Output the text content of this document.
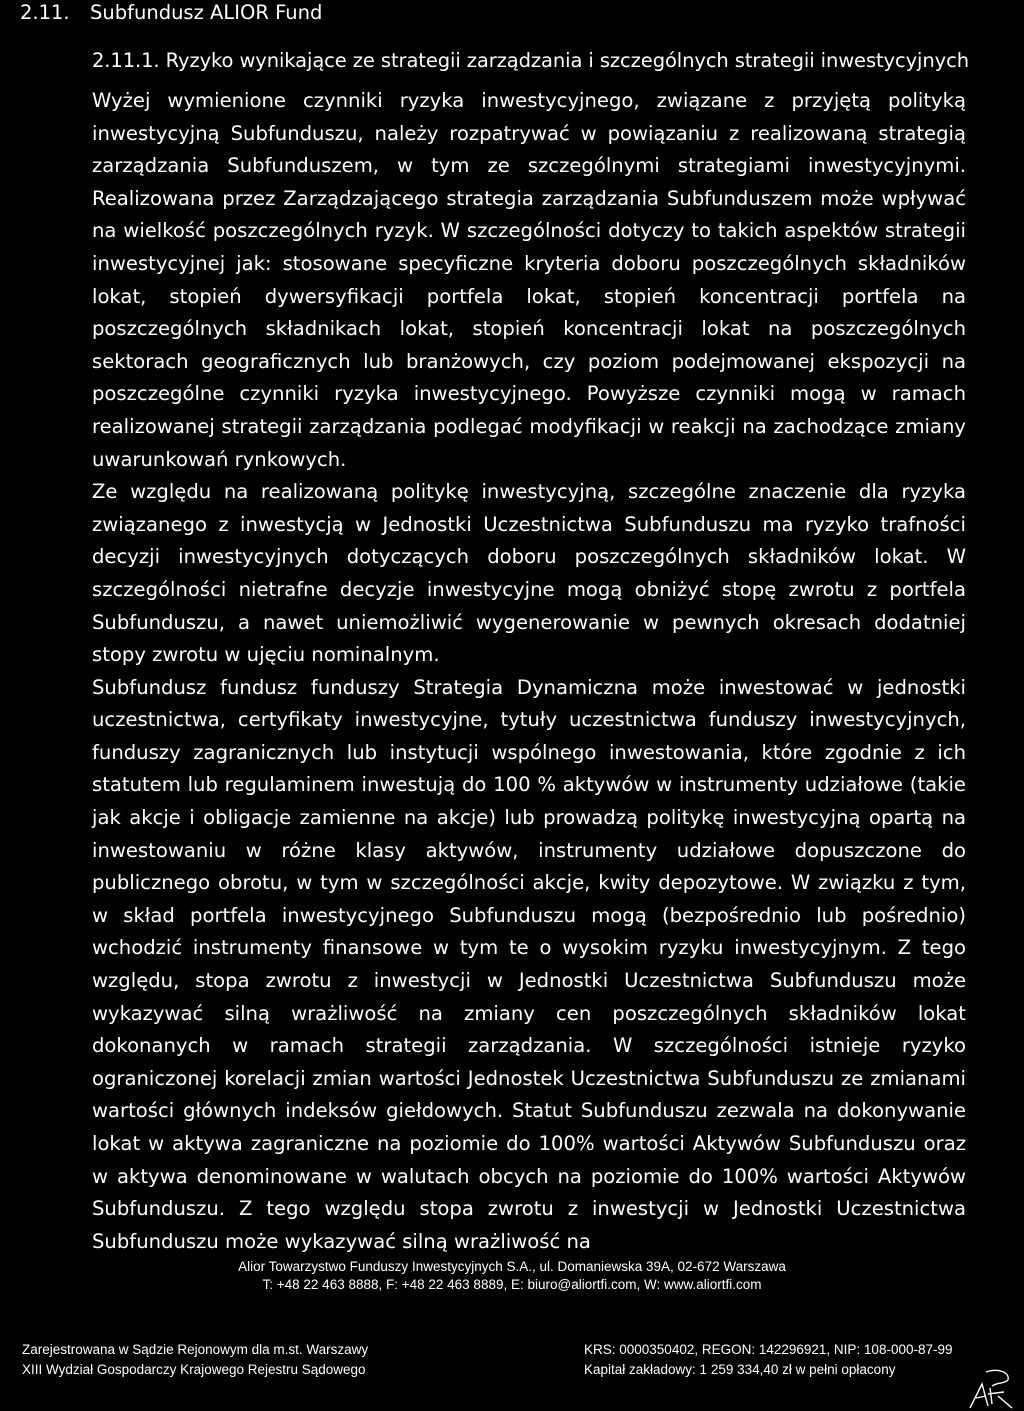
2.11. Subfundusz ALIOR Fund
2.11.1. Ryzyko wynikające ze strategii zarządzania i szczególnych strategii inwestycyjnych

Wyżej wymienione czynniki ryzyka inwestycyjnego, związane z przyjętą polityką inwestycyjną Subfunduszu, należy rozpatrywać w powiązaniu z realizowaną strategią zarządzania Subfunduszem, w tym ze szczególnymi strategiami inwestycyjnymi. Realizowana przez Zarządzającego strategia zarządzania Subfunduszem może wpływać na wielkość poszczególnych ryzyk. W szczególności dotyczy to takich aspektów strategii inwestycyjnej jak: stosowane specyficzne kryteria doboru poszczególnych składników lokat, stopień dywersyfikacji portfela lokat, stopień koncentracji portfela na poszczególnych składnikach lokat, stopień koncentracji lokat na poszczególnych sektorach geograficznych lub branżowych, czy poziom podejmowanej ekspozycji na poszczególne czynniki ryzyka inwestycyjnego. Powyższe czynniki mogą w ramach realizowanej strategii zarządzania podlegać modyfikacji w reakcji na zachodzące zmiany uwarunkowań rynkowych.

Ze względu na realizowaną politykę inwestycyjną, szczególne znaczenie dla ryzyka związanego z inwestycją w Jednostki Uczestnictwa Subfunduszu ma ryzyko trafności decyzji inwestycyjnych dotyczących doboru poszczególnych składników lokat. W szczególności nietrafne decyzje inwestycyjne mogą obniżyć stopę zwrotu z portfela Subfunduszu, a nawet uniemożliwić wygenerowanie w pewnych okresach dodatniej stopy zwrotu w ujęciu nominalnym.

Subfundusz fundusz funduszy Strategia Dynamiczna może inwestować w jednostki uczestnictwa, certyfikaty inwestycyjne, tytuły uczestnictwa funduszy inwestycyjnych, funduszy zagranicznych lub instytucji wspólnego inwestowania, które zgodnie z ich statutem lub regulaminem inwestują do 100 % aktywów w instrumenty udziałowe (takie jak akcje i obligacje zamienne na akcje) lub prowadzą politykę inwestycyjną opartą na inwestowaniu w różne klasy aktywów, instrumenty udziałowe dopuszczone do publicznego obrotu, w tym w szczególności akcje, kwity depozytowe. W związku z tym, w skład portfela inwestycyjnego Subfunduszu mogą (bezpośrednio lub pośrednio) wchodzić instrumenty finansowe w tym te o wysokim ryzyku inwestycyjnym. Z tego względu, stopa zwrotu z inwestycji w Jednostki Uczestnictwa Subfunduszu może wykazywać silną wrażliwość na zmiany cen poszczególnych składników lokat dokonanych w ramach strategii zarządzania. W szczególności istnieje ryzyko ograniczonej korelacji zmian wartości Jednostek Uczestnictwa Subfunduszu ze zmianami wartości głównych indeksów giełdowych. Statut Subfunduszu zezwala na dokonywanie lokat w aktywa zagraniczne na poziomie do 100% wartości Aktywów Subfunduszu oraz w aktywa denominowane w walutach obcych na poziomie do 100% wartości Aktywów Subfunduszu. Z tego względu stopa zwrotu z inwestycji w Jednostki Uczestnictwa Subfunduszu może wykazywać silną wrażliwość na

Alior Towarzystwo Funduszy Inwestycyjnych S.A., ul. Domaniewska 39A, 02-672 Warszawa
T: +48 22 463 8888, F: +48 22 463 8889, E: biuro@aliortfi.com, W: www.aliortfi.com
Zarejestrowana w Sądzie Rejonowym dla m.st. Warszawy
XIII Wydział Gospodarczy Krajowego Rejestru Sądowego
KRS: 0000350402, REGON: 142296921, NIP: 108-000-87-99
Kapitał zakładowy: 1 259 334,40 zł w pełni opłacony
